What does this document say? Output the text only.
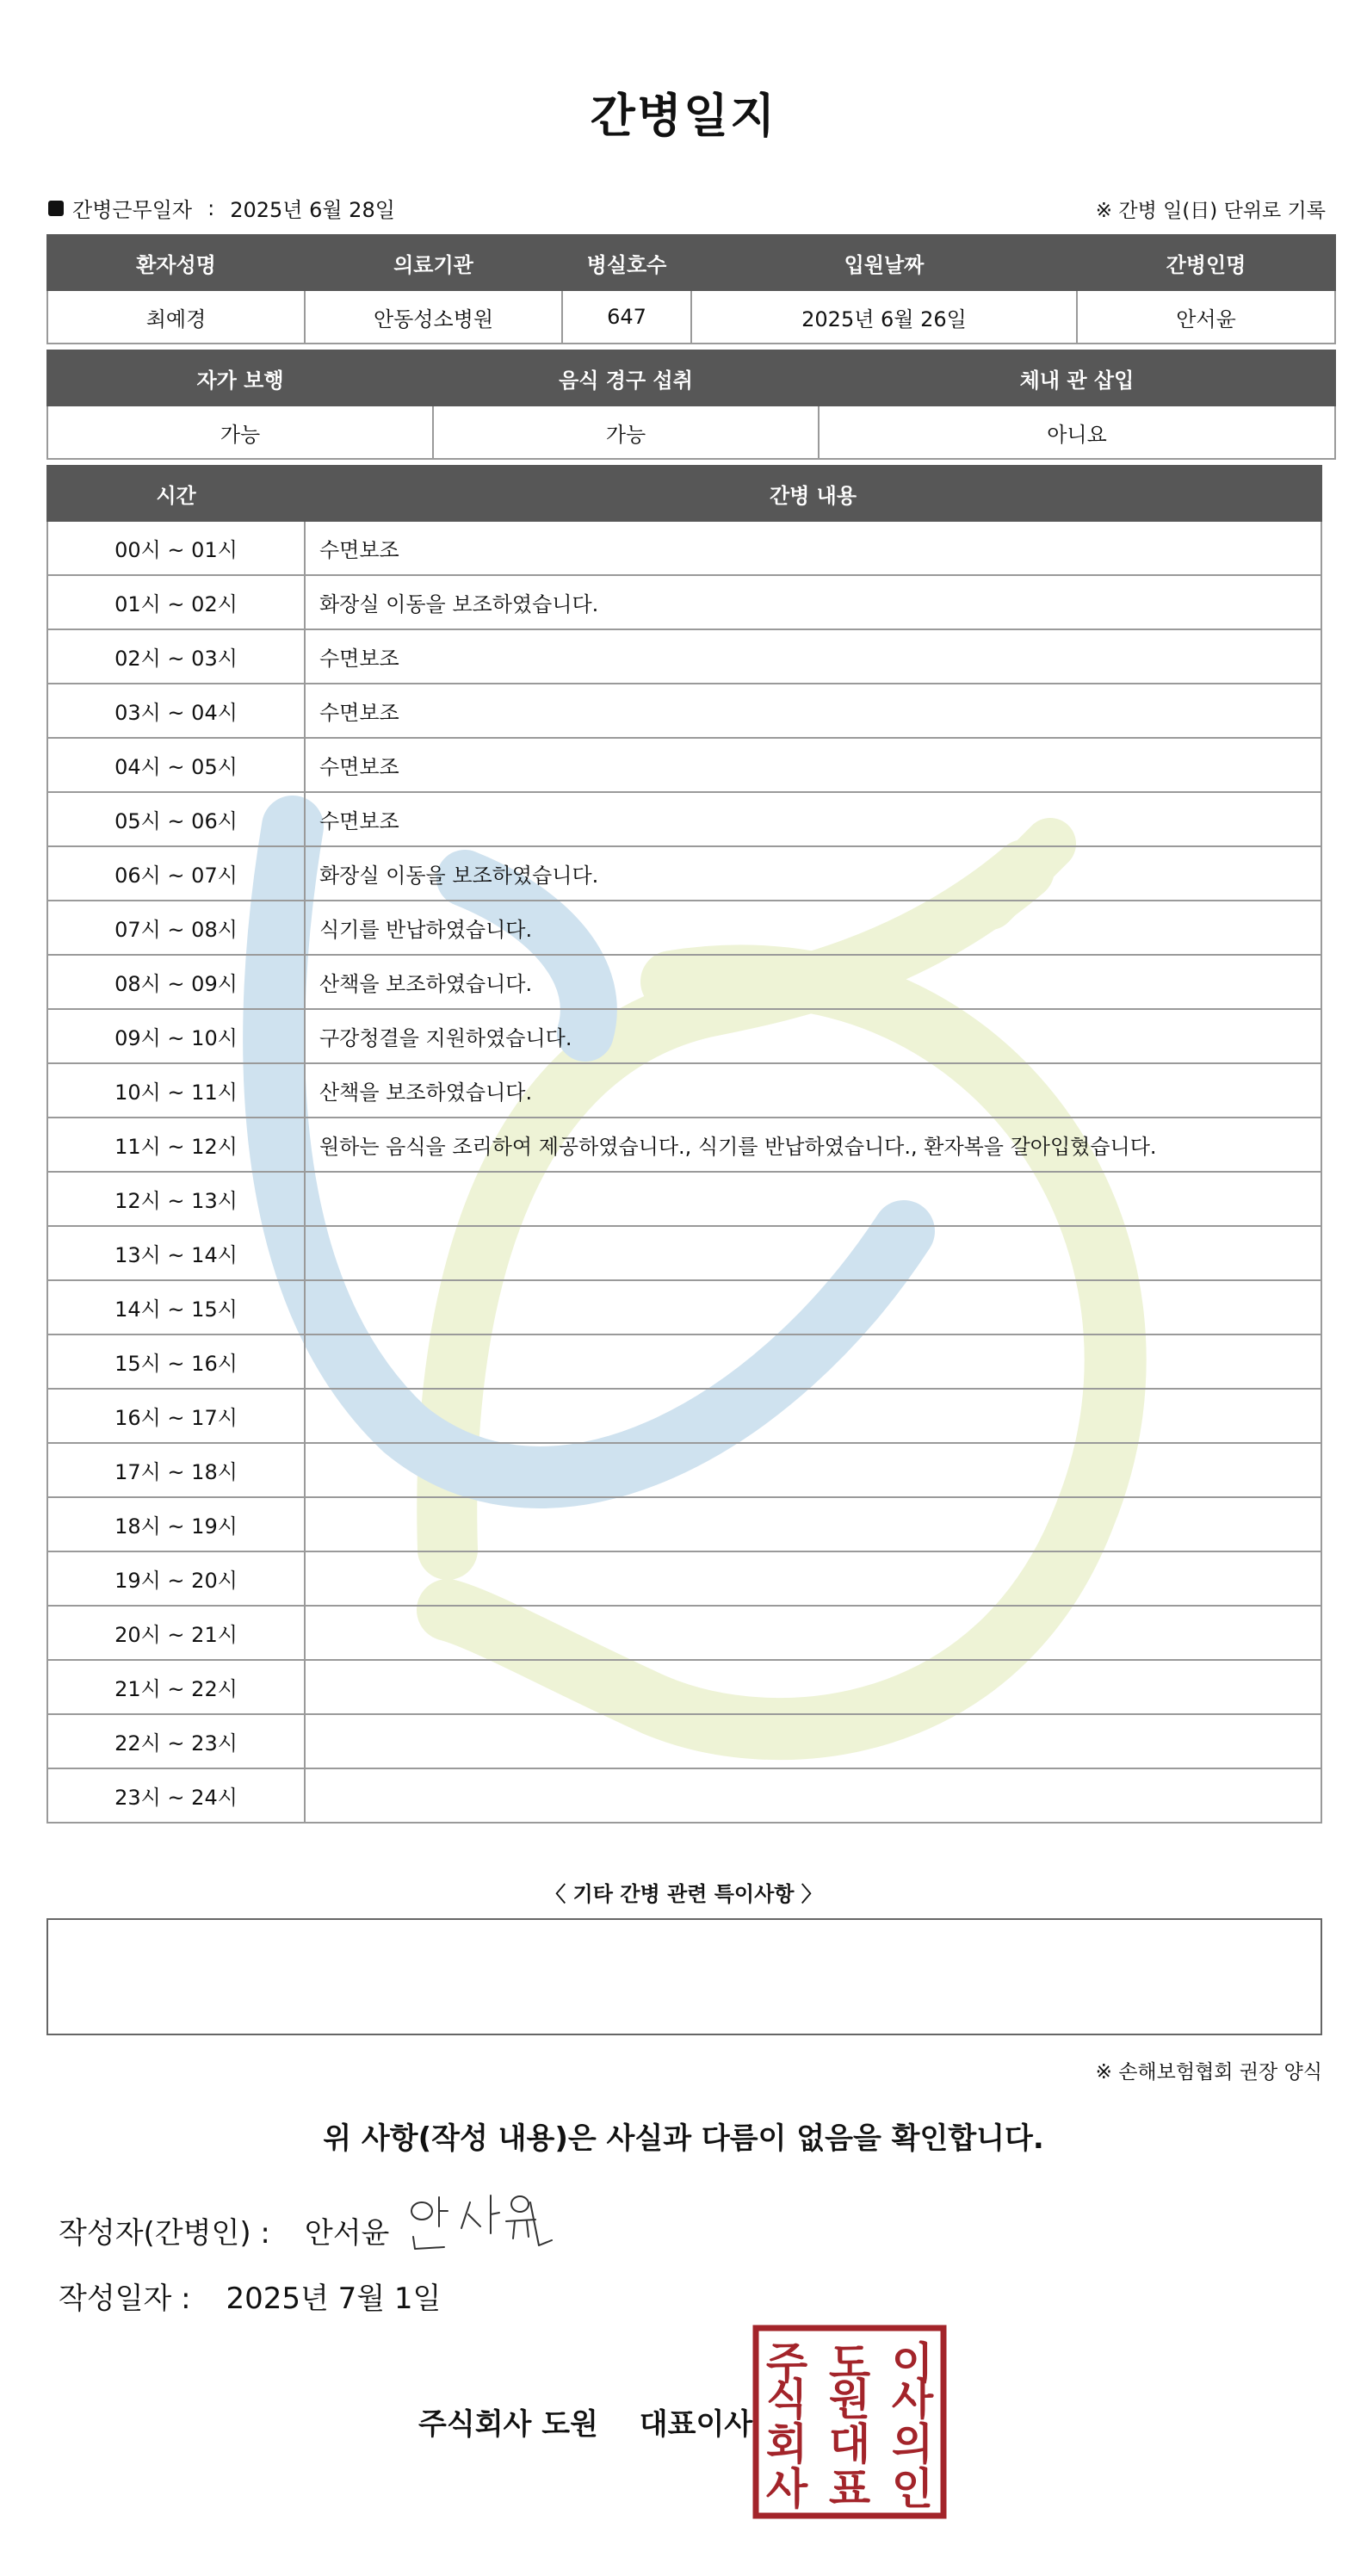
간병일지
간병근무일자 : 2025년 6월 28일	※ 간병 일(日) 단위로 기록
환자성명	의료기관	병실호수	입원날짜	간병인명
최예경	안동성소병원	647	2025년 6월 26일	안서윤
자가 보행	음식 경구 섭취	체내 관 삽입
가능	가능	아니요
시간	간병 내용
00시 ~ 01시	수면보조
01시 ~ 02시	화장실 이동을 보조하였습니다.
02시 ~ 03시	수면보조
03시 ~ 04시	수면보조
04시 ~ 05시	수면보조
05시 ~ 06시	수면보조
06시 ~ 07시	화장실 이동을 보조하였습니다.
07시 ~ 08시	식기를 반납하였습니다.
08시 ~ 09시	산책을 보조하였습니다.
09시 ~ 10시	구강청결을 지원하였습니다.
10시 ~ 11시	산책을 보조하였습니다.
11시 ~ 12시	원하는 음식을 조리하여 제공하였습니다., 식기를 반납하였습니다., 환자복을 갈아입혔습니다.
12시 ~ 13시	
13시 ~ 14시	
14시 ~ 15시	
15시 ~ 16시	
16시 ~ 17시	
17시 ~ 18시	
18시 ~ 19시	
19시 ~ 20시	
20시 ~ 21시	
21시 ~ 22시	
22시 ~ 23시	
23시 ~ 24시	
〈 기타 간병 관련 특이사항 〉
※ 손해보험협회 권장 양식
위 사항(작성 내용)은 사실과 다름이 없음을 확인합니다.
작성자(간병인) : 안서윤
작성일자 : 2025년 7월 1일
주식회사 도원 대표이사
주
식
회
사
도
원
대
표
이
사
의
인
